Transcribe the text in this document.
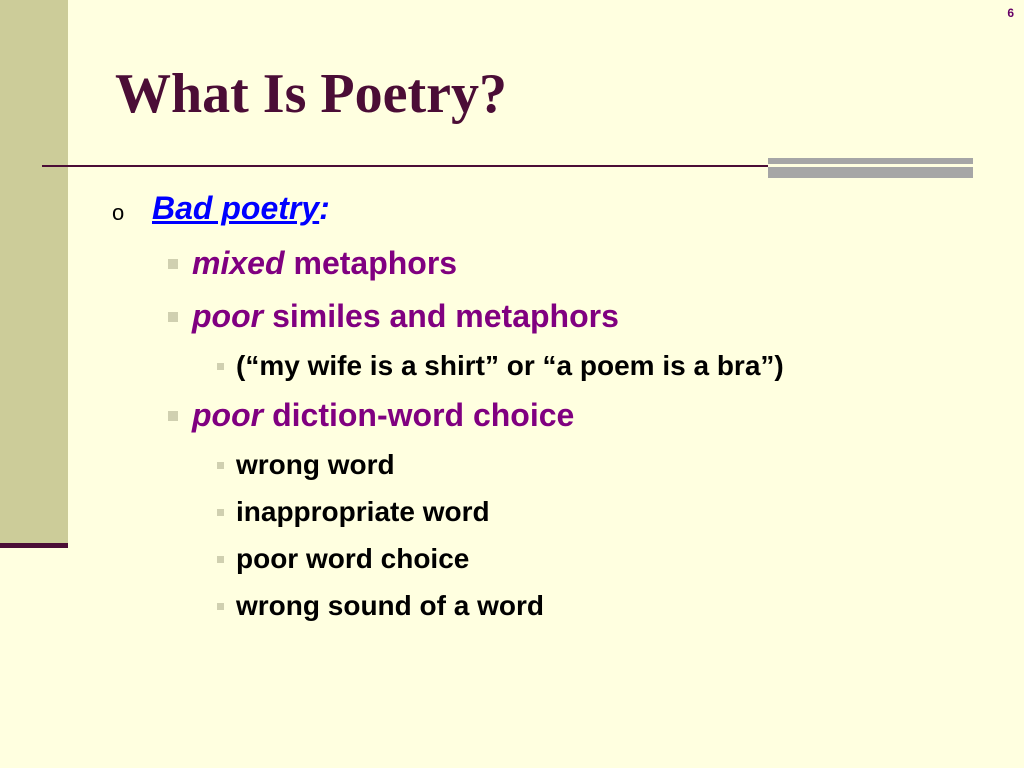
6
What Is Poetry?
o Bad poetry :
mixed metaphors
poor similes and metaphors
(“my wife is a shirt” or “a poem is a bra”)
poor diction-word choice
wrong word
inappropriate word
poor word choice
wrong sound of a word
